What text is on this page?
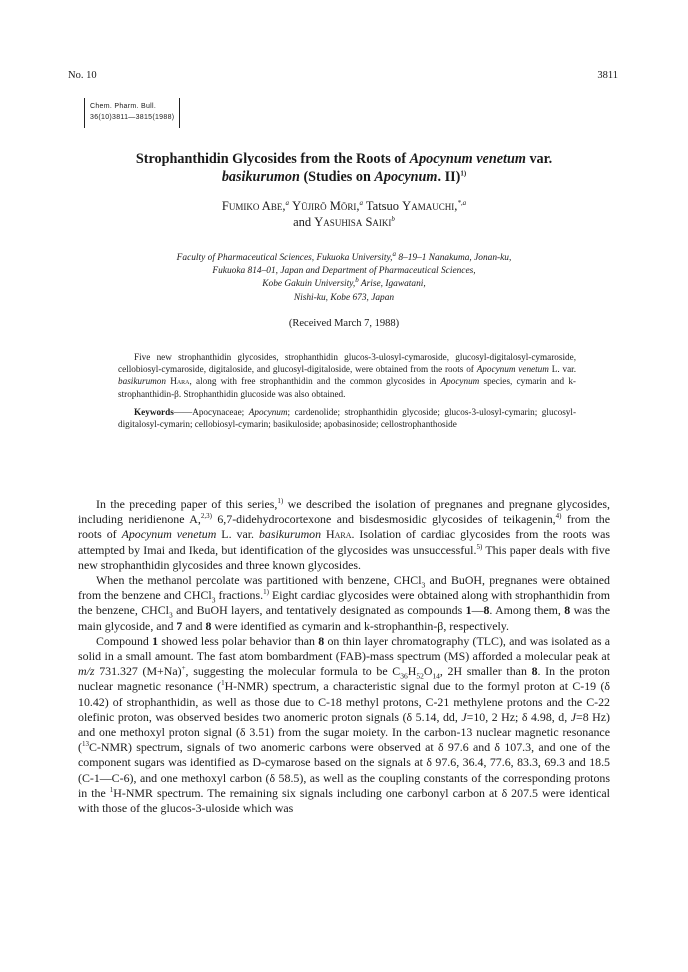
No. 10	3811
Chem. Pharm. Bull.
36(10)3811—3815(1988)
Strophanthidin Glycosides from the Roots of Apocynum venetum var.
basikurumon (Studies on Apocynum. II)$^{1)}$
Fumiko Abe,$^a$ Yūjirō Mōri,$^a$ Tatsuo Yamauchi,$^{*,a}$
and Yasuhisa Saiki$^b$
Faculty of Pharmaceutical Sciences, Fukuoka University,$^a$ 8–19–1 Nanakuma, Jonan-ku,
Fukuoka 814–01, Japan and Department of Pharmaceutical Sciences,
Kobe Gakuin University,$^b$ Arise, Igawatani,
Nishi-ku, Kobe 673, Japan
(Received March 7, 1988)

Five new strophanthidin glycosides, strophanthidin glucos-3-ulosyl-cymaroside, glucosyl-digitalosyl-cymaroside, cellobiosyl-cymaroside, digitaloside, and glucosyl-digitaloside, were obtained from the roots of Apocynum venetum L. var. basikurumon Hara, along with free strophanthidin and the common glycosides in Apocynum species, cymarin and k-strophanthidin-β. Strophanthidin glucoside was also obtained.

Keywords——Apocynaceae; Apocynum; cardenolide; strophanthidin glycoside; glucos-3-ulosyl-cymarin; glucosyl-digitalosyl-cymarin; cellobiosyl-cymarin; basikuloside; apobasinoside; cellostrophanthoside

In the preceding paper of this series,$^{1)}$ we described the isolation of pregnanes and pregnane glycosides, including neridienone A,$^{2,3)}$ 6,7-didehydrocortexone and bisdesmosidic glycosides of teikagenin,$^{4)}$ from the roots of Apocynum venetum L. var. basikurumon Hara. Isolation of cardiac glycosides from the roots was attempted by Imai and Ikeda, but identification of the glycosides was unsuccessful.$^{5)}$ This paper deals with five new strophanthidin glycosides and three known glycosides.

When the methanol percolate was partitioned with benzene, CHCl$_3$ and BuOH, pregnanes were obtained from the benzene and CHCl$_3$ fractions.$^{1)}$ Eight cardiac glycosides were obtained along with strophanthidin from the benzene, CHCl$_3$ and BuOH layers, and tentatively designated as compounds 1—8. Among them, 8 was the main glycoside, and 7 and 8 were identified as cymarin and k-strophanthin-β, respectively.

Compound 1 showed less polar behavior than 8 on thin layer chromatography (TLC), and was isolated as a solid in a small amount. The fast atom bombardment (FAB)-mass spectrum (MS) afforded a molecular peak at m/z 731.327 (M+Na)+, suggesting the molecular formula to be $C_{36}H_{52}O_{14}$, 2H smaller than 8. In the proton nuclear magnetic resonance ($^1$H-NMR) spectrum, a characteristic signal due to the formyl proton at C-19 (δ 10.42) of strophanthidin, as well as those due to C-18 methyl protons, C-21 methylene protons and the C-22 olefinic proton, was observed besides two anomeric proton signals (δ 5.14, dd, J=10, 2 Hz; δ 4.98, d, J=8 Hz) and one methoxyl proton signal (δ 3.51) from the sugar moiety. In the carbon-13 nuclear magnetic resonance ($^{13}$C-NMR) spectrum, signals of two anomeric carbons were observed at δ 97.6 and δ 107.3, and one of the component sugars was identified as D-cymarose based on the signals at δ 97.6, 36.4, 77.6, 83.3, 69.3 and 18.5 (C-1—C-6), and one methoxyl carbon (δ 58.5), as well as the coupling constants of the corresponding protons in the $^1$H-NMR spectrum. The remaining six signals including one carbonyl carbon at δ 207.5 were identical with those of the glucos-3-uloside which was
